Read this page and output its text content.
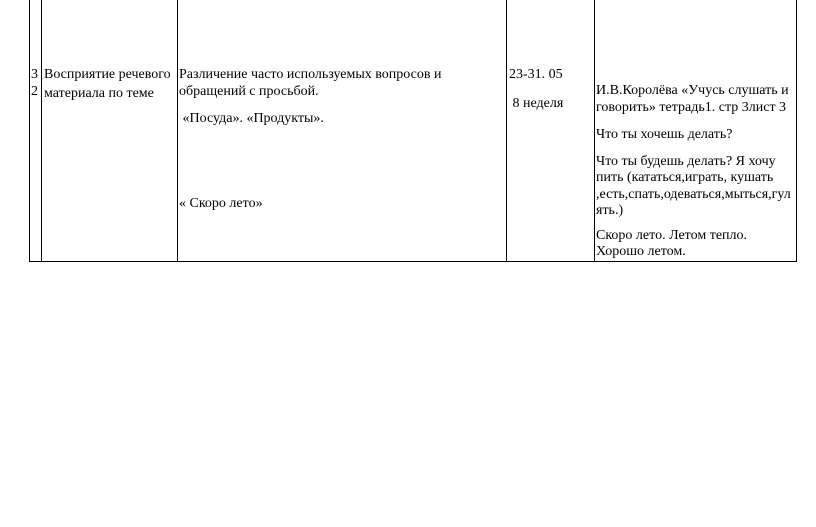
3
2
Восприятие речевого
материала по теме
Различение часто используемых вопросов и
обращений с просьбой.
«Посуда». «Продукты».
« Скоро лето»
23-31. 05
8 неделя
И.В.Королёва «Учусь слушать и
говорить» тетрадь1. стр 3лист 3
Что ты хочешь делать?
Что ты будешь делать? Я хочу
пить (кататься,играть, кушать
,есть,спать,одеваться,мыться,гул
ять.)
Скоро лето. Летом тепло.
Хорошо летом.
